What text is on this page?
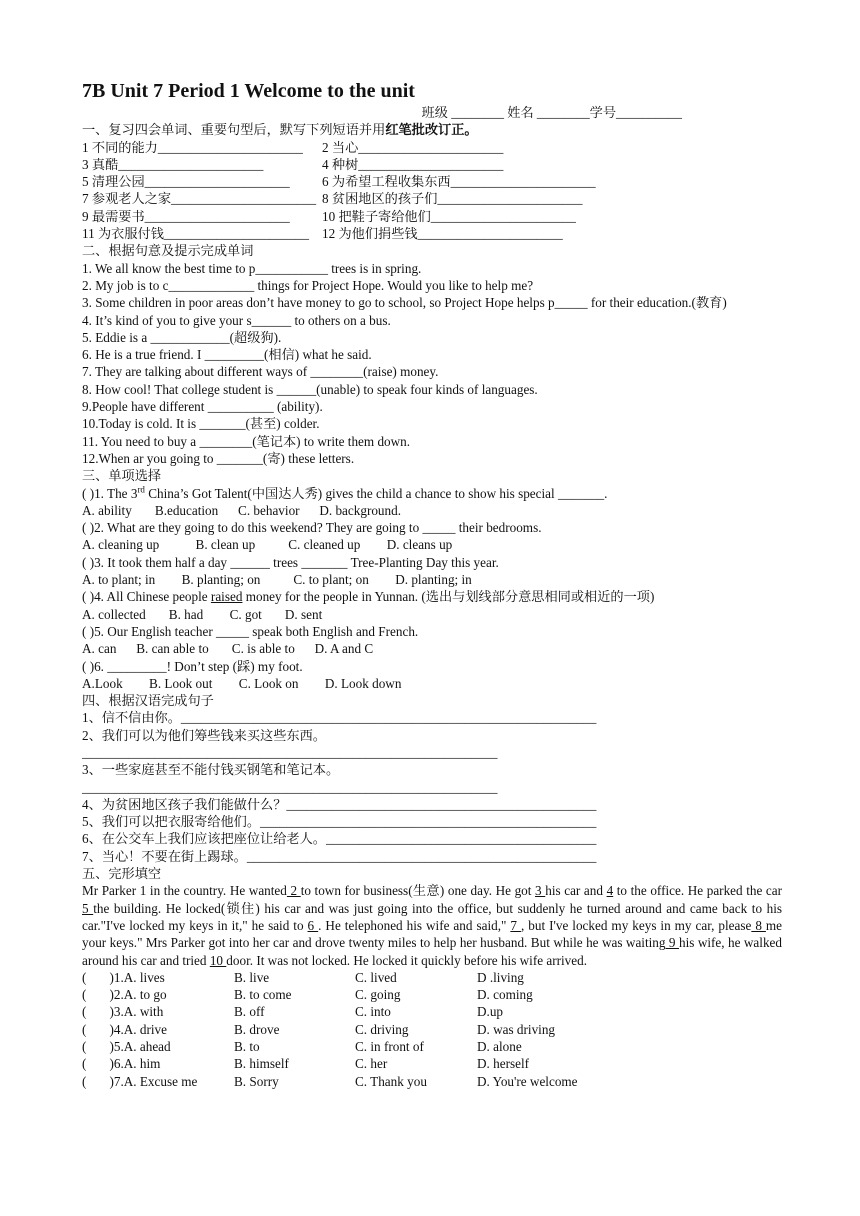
7B Unit 7 Period 1 Welcome to the unit
班级 ________ 姓名 ________学号__________
一、复习四会单词、重要句型后，默写下列短语并用红笔批改订正。
1 不同的能力______________________ 2 当心______________________
3 真酷______________________	4 种树______________________
5 清理公园______________________ 6 为希望工程收集东西______________________
7 参观老人之家______________________ 8 贫困地区的孩子们______________________
9 最需要书______________________ 10 把鞋子寄给他们______________________
11 为衣服付钱______________________ 12 为他们捐些钱______________________
二、根据句意及提示完成单词
1. We all know the best time to p___________ trees is in spring.
2. My job is to c_____________ things for Project Hope. Would you like to help me?
3. Some children in poor areas don’t have money to go to school, so Project Hope helps p_____ for their education.(教育)
4. It’s kind of you to give your s______ to others on a bus.
5. Eddie is a ____________(超级狗).
6. He is a true friend. I _________(相信) what he said.
7. They are talking about different ways of ________(raise) money.
8. How cool! That college student is ______(unable) to speak four kinds of languages.
9.People have different __________ (ability).
10.Today is cold. It is _______(甚至) colder.
11. You need to buy a ________(笔记本) to write them down.
12.When ar you going to _______(寄) these letters.
三、单项选择
( )1. The 3rd China’s Got Talent(中国达人秀) gives the child a chance to show his special _______.
A. ability       B.education      C. behavior      D. background.
( )2. What are they going to do this weekend? They are going to _____ their bedrooms.
A. cleaning up           B. clean up          C. cleaned up        D. cleans up
( )3. It took them half a day ______ trees _______ Tree-Planting Day this year.
A. to plant; in        B. planting; on          C. to plant; on        D. planting; in
( )4. All Chinese people raised money for the people in Yunnan. (选出与划线部分意思相同或相近的一项)
A. collected       B. had        C. got       D. sent
( )5. Our English teacher _____ speak both English and French.
A. can      B. can able to       C. is able to      D. A and C
( )6. _________! Don’t step (踩) my foot.
A.Look        B. Look out        C. Look on        D. Look down
四、根据汉语完成句子
1、信不信由你。_______________________________________________________________
2、我们可以为他们筹些钱来买这些东西。
_______________________________________________________________
3、一些家庭甚至不能付钱买钢笔和笔记本。
_______________________________________________________________
4、为贫困地区孩子我们能做什么？_______________________________________________
5、我们可以把衣服寄给他们。___________________________________________________
6、在公交车上我们应该把座位让给老人。_________________________________________
7、当心！不要在街上踢球。_____________________________________________________
五、完形填空
Mr Parker 1 in the country. He wanted 2 to town for business(生意) one day. He got 3 his car and 4 to the office. He parked the car 5 the building. He locked(锁住) his car and was just going into the office, but suddenly he turned around and came back to his car."I've locked my keys in it," he said to 6 . He telephoned his wife and said," 7 , but I've locked my keys in my car, please 8 me your keys." Mrs Parker got into her car and drove twenty miles to help her husband. But while he was waiting 9 his wife, he walked around his car and tried 10 door. It was not locked. He locked it quickly before his wife arrived.
(       )1.A. lives	B. live	C. lived	D .living
(       )2.A. to go	B. to come	C. going	D. coming
(       )3.A. with	B. off	C. into	D.up
(       )4.A. drive	B. drove	C. driving	D. was driving
(       )5.A. ahead	B. to	C. in front of	D. alone
(       )6.A. him	B. himself	C. her	D. herself
(       )7.A. Excuse me	B. Sorry	C. Thank you	D. You're welcome
